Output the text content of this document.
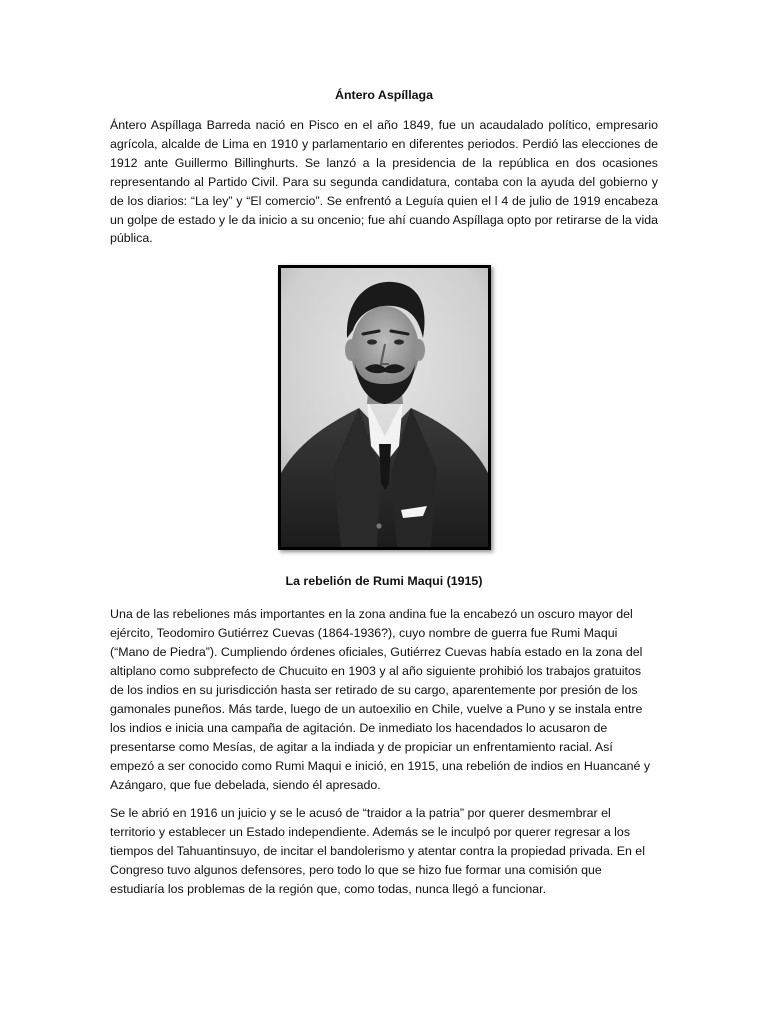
Ántero Aspíllaga

Ántero Aspíllaga Barreda nació en Pisco en el año 1849, fue un acaudalado político, empresario agrícola, alcalde de Lima en 1910 y parlamentario en diferentes periodos. Perdió las elecciones de 1912 ante Guillermo Billinghurts. Se lanzó a la presidencia de la república en dos ocasiones representando al Partido Civil. Para su segunda candidatura, contaba con la ayuda del gobierno y de los diarios: “La ley” y “El comercio”. Se enfrentó a Leguía quien el l 4 de julio de 1919 encabeza un golpe de estado y le da inicio a su oncenio; fue ahí cuando Aspíllaga opto por retirarse de la vida pública.

La rebelión de Rumi Maqui (1915)

Una de las rebeliones más importantes en la zona andina fue la encabezó un oscuro mayor del ejército, Teodomiro Gutiérrez Cuevas (1864-1936?), cuyo nombre de guerra fue Rumi Maqui (“Mano de Piedra”). Cumpliendo órdenes oficiales, Gutiérrez Cuevas había estado en la zona del altiplano como subprefecto de Chucuito en 1903 y al año siguiente prohibió los trabajos gratuitos de los indios en su jurisdicción hasta ser retirado de su cargo, aparentemente por presión de los gamonales puneños. Más tarde, luego de un autoexilio en Chile, vuelve a Puno y se instala entre los indios e inicia una campaña de agitación. De inmediato los hacendados lo acusaron de presentarse como Mesías, de agitar a la indiada y de propiciar un enfrentamiento racial. Así empezó a ser conocido como Rumi Maqui e inició, en 1915, una rebelión de indios en Huancané y Azángaro, que fue debelada, siendo él apresado.

Se le abrió en 1916 un juicio y se le acusó de “traidor a la patria” por querer desmembrar el territorio y establecer un Estado independiente. Además se le inculpó por querer regresar a los tiempos del Tahuantinsuyo, de incitar el bandolerismo y atentar contra la propiedad privada. En el Congreso tuvo algunos defensores, pero todo lo que se hizo fue formar una comisión que estudiaría los problemas de la región que, como todas, nunca llegó a funcionar.
